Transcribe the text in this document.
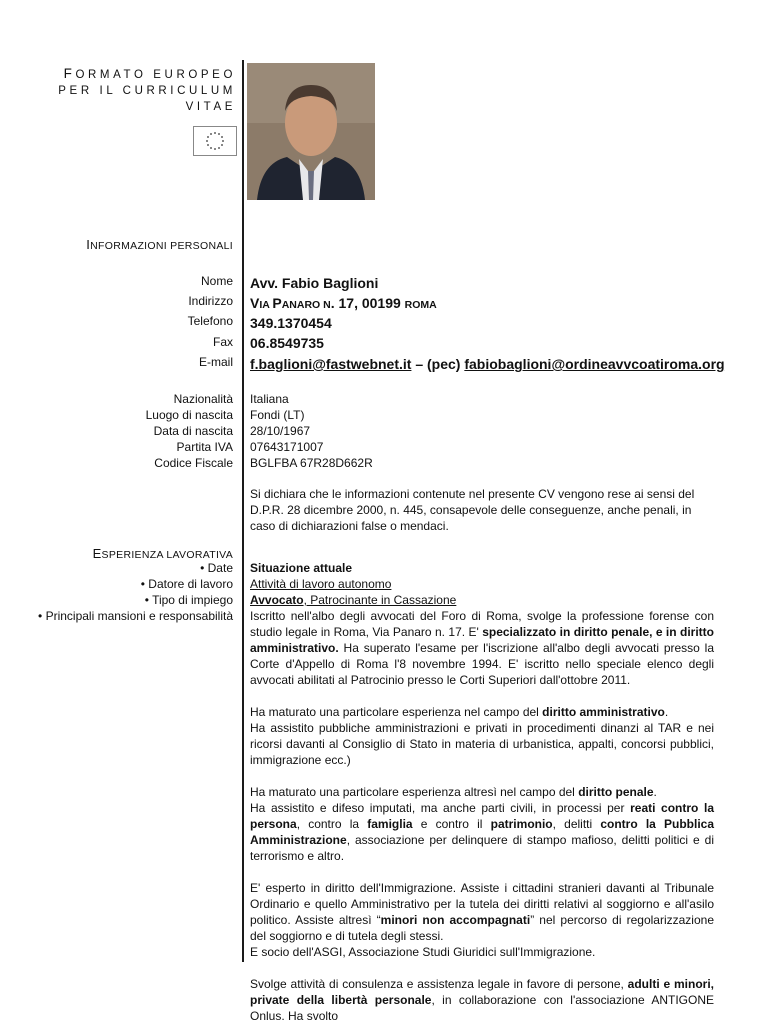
FORMATO EUROPEO
PER IL CURRICULUM
VITAE
INFORMAZIONI PERSONALI
Nome
Indirizzo
Telefono
Fax
E-mail
Avv. Fabio Baglioni
VIA PANARO N. 17, 00199 ROMA
349.1370454
06.8549735
f.baglioni@fastwebnet.it – (pec) fabiobaglioni@ordineavvcoatiroma.org
Nazionalità
Luogo di nascita
Data di nascita
Partita IVA
Codice Fiscale
Italiana
Fondi (LT)
28/10/1967
07643171007
BGLFBA 67R28D662R
Si dichiara che le informazioni contenute nel presente CV vengono rese ai sensi del D.P.R. 28 dicembre 2000, n. 445, consapevole delle conseguenze, anche penali, in caso di dichiarazioni false o mendaci.
ESPERIENZA LAVORATIVA
• Date
• Datore di lavoro
• Tipo di impiego
• Principali mansioni e responsabilità
Situazione attuale
Attività di lavoro autonomo
Avvocato, Patrocinante in Cassazione
Iscritto nell'albo degli avvocati del Foro di Roma, svolge la professione forense con studio legale in Roma, Via Panaro n. 17. E' specializzato in diritto penale, e in diritto amministrativo. Ha superato l'esame per l'iscrizione all'albo degli avvocati presso la Corte d'Appello di Roma l'8 novembre 1994. E' iscritto nello speciale elenco degli avvocati abilitati al Patrocinio presso le Corti Superiori dall'ottobre 2011.
Ha maturato una particolare esperienza nel campo del diritto amministrativo.
Ha assistito pubbliche amministrazioni e privati in procedimenti dinanzi al TAR e nei ricorsi davanti al Consiglio di Stato in materia di urbanistica, appalti, concorsi pubblici, immigrazione ecc.)
Ha maturato una particolare esperienza altresì nel campo del diritto penale.
Ha assistito e difeso imputati, ma anche parti civili, in processi per reati contro la persona, contro la famiglia e contro il patrimonio, delitti contro la Pubblica Amministrazione, associazione per delinquere di stampo mafioso, delitti politici e di terrorismo e altro.
E' esperto in diritto dell'Immigrazione. Assiste i cittadini stranieri davanti al Tribunale Ordinario e quello Amministrativo per la tutela dei diritti relativi al soggiorno e all'asilo politico. Assiste altresì “minori non accompagnati” nel percorso di regolarizzazione del soggiorno e di tutela degli stessi.
E socio dell'ASGI, Associazione Studi Giuridici sull'Immigrazione.
Svolge attività di consulenza e assistenza legale in favore di persone, adulti e minori, private della libertà personale, in collaborazione con l'associazione ANTIGONE Onlus. Ha svolto
